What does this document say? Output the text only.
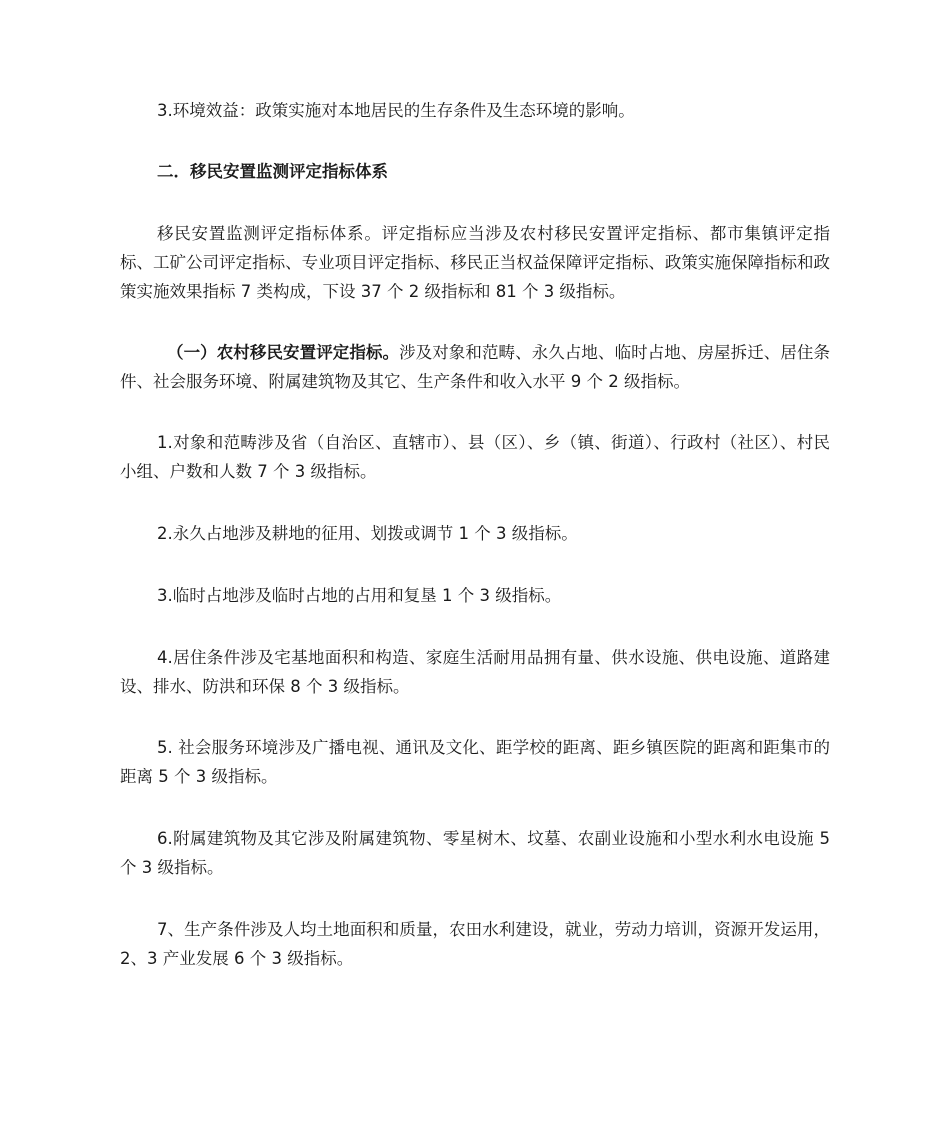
3.环境效益：政策实施对本地居民的生存条件及生态环境的影响。

二．移民安置监测评定指标体系

移民安置监测评定指标体系。评定指标应当涉及农村移民安置评定指标、都市集镇评定指标、工矿公司评定指标、专业项目评定指标、移民正当权益保障评定指标、政策实施保障指标和政策实施效果指标 7 类构成，下设 37 个 2 级指标和 81 个 3 级指标。

（一）农村移民安置评定指标。涉及对象和范畴、永久占地、临时占地、房屋拆迁、居住条件、社会服务环境、附属建筑物及其它、生产条件和收入水平 9 个 2 级指标。

1.对象和范畴涉及省（自治区、直辖市）、县（区）、乡（镇、街道）、行政村（社区）、村民小组、户数和人数 7 个 3 级指标。

2.永久占地涉及耕地的征用、划拨或调节 1 个 3 级指标。

3.临时占地涉及临时占地的占用和复垦 1 个 3 级指标。

4.居住条件涉及宅基地面积和构造、家庭生活耐用品拥有量、供水设施、供电设施、道路建设、排水、防洪和环保 8 个 3 级指标。

5. 社会服务环境涉及广播电视、通讯及文化、距学校的距离、距乡镇医院的距离和距集市的距离 5 个 3 级指标。

6.附属建筑物及其它涉及附属建筑物、零星树木、坟墓、农副业设施和小型水利水电设施 5 个 3 级指标。

7、生产条件涉及人均土地面积和质量，农田水利建设，就业，劳动力培训，资源开发运用， 2、3 产业发展 6 个 3 级指标。
